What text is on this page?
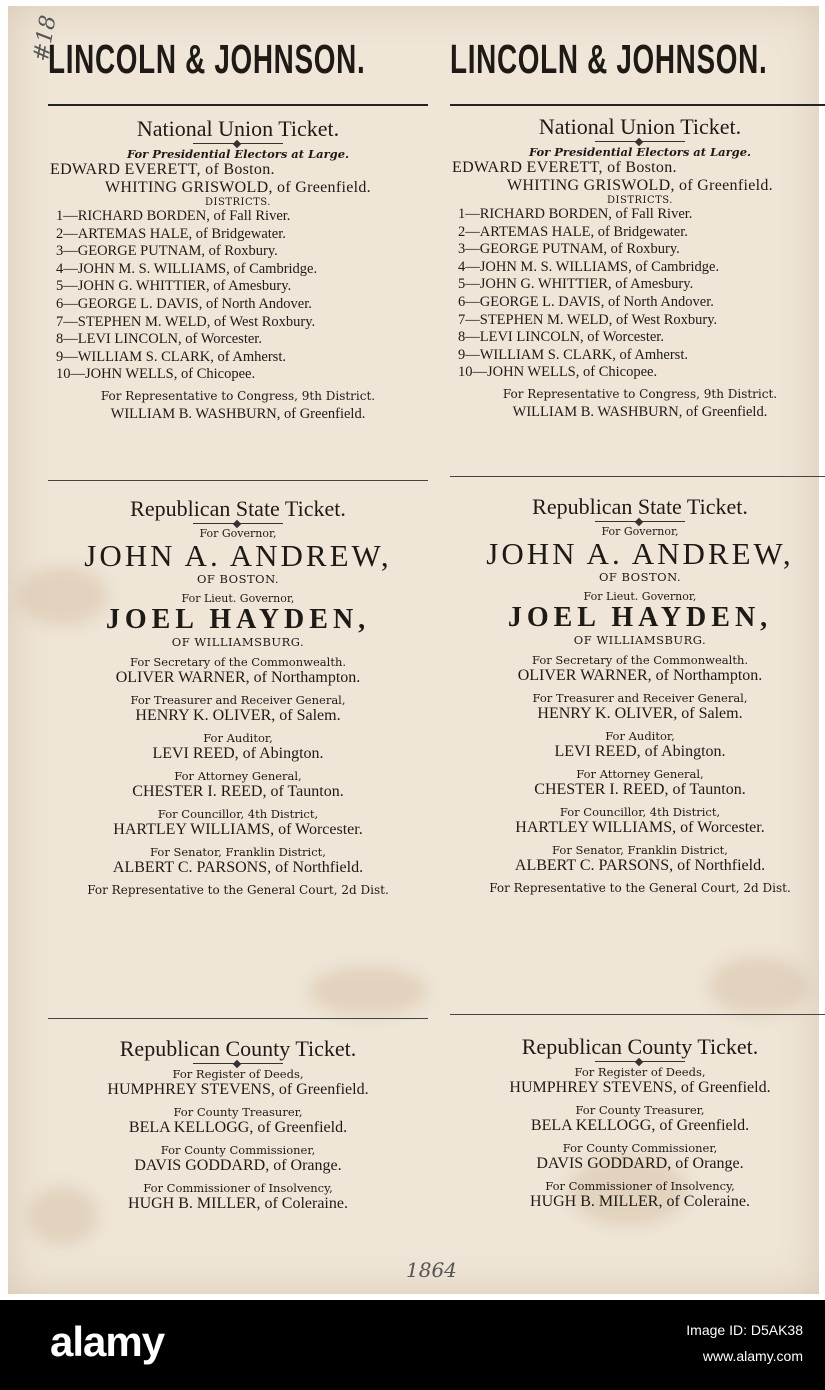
#18
1864
LINCOLN & JOHNSON.
National Union Ticket.
For Presidential Electors at Large.
EDWARD EVERETT, of Boston.
WHITING GRISWOLD, of Greenfield.
DISTRICTS.
1—RICHARD BORDEN, of Fall River.
2—ARTEMAS HALE, of Bridgewater.
3—GEORGE PUTNAM, of Roxbury.
4—JOHN M. S. WILLIAMS, of Cambridge.
5—JOHN G. WHITTIER, of Amesbury.
6—GEORGE L. DAVIS, of North Andover.
7—STEPHEN M. WELD, of West Roxbury.
8—LEVI LINCOLN, of Worcester.
9—WILLIAM S. CLARK, of Amherst.
10—JOHN WELLS, of Chicopee.
For Representative to Congress, 9th District.
WILLIAM B. WASHBURN, of Greenfield.
Republican State Ticket.
For Governor,
JOHN A. ANDREW,
OF BOSTON.
For Lieut. Governor,
JOEL HAYDEN,
OF WILLIAMSBURG.
For Secretary of the Commonwealth.
OLIVER WARNER, of Northampton.
For Treasurer and Receiver General,
HENRY K. OLIVER, of Salem.
For Auditor,
LEVI REED, of Abington.
For Attorney General,
CHESTER I. REED, of Taunton.
For Councillor, 4th District,
HARTLEY WILLIAMS, of Worcester.
For Senator, Franklin District,
ALBERT C. PARSONS, of Northfield.
For Representative to the General Court, 2d Dist.
Republican County Ticket.
For Register of Deeds,
HUMPHREY STEVENS, of Greenfield.
For County Treasurer,
BELA KELLOGG, of Greenfield.
For County Commissioner,
DAVIS GODDARD, of Orange.
For Commissioner of Insolvency,
HUGH B. MILLER, of Coleraine.
LINCOLN & JOHNSON.
National Union Ticket.
For Presidential Electors at Large.
EDWARD EVERETT, of Boston.
WHITING GRISWOLD, of Greenfield.
DISTRICTS.
1—RICHARD BORDEN, of Fall River.
2—ARTEMAS HALE, of Bridgewater.
3—GEORGE PUTNAM, of Roxbury.
4—JOHN M. S. WILLIAMS, of Cambridge.
5—JOHN G. WHITTIER, of Amesbury.
6—GEORGE L. DAVIS, of North Andover.
7—STEPHEN M. WELD, of West Roxbury.
8—LEVI LINCOLN, of Worcester.
9—WILLIAM S. CLARK, of Amherst.
10—JOHN WELLS, of Chicopee.
For Representative to Congress, 9th District.
WILLIAM B. WASHBURN, of Greenfield.
Republican State Ticket.
For Governor,
JOHN A. ANDREW,
OF BOSTON.
For Lieut. Governor,
JOEL HAYDEN,
OF WILLIAMSBURG.
For Secretary of the Commonwealth.
OLIVER WARNER, of Northampton.
For Treasurer and Receiver General,
HENRY K. OLIVER, of Salem.
For Auditor,
LEVI REED, of Abington.
For Attorney General,
CHESTER I. REED, of Taunton.
For Councillor, 4th District,
HARTLEY WILLIAMS, of Worcester.
For Senator, Franklin District,
ALBERT C. PARSONS, of Northfield.
For Representative to the General Court, 2d Dist.
Republican County Ticket.
For Register of Deeds,
HUMPHREY STEVENS, of Greenfield.
For County Treasurer,
BELA KELLOGG, of Greenfield.
For County Commissioner,
DAVIS GODDARD, of Orange.
For Commissioner of Insolvency,
HUGH B. MILLER, of Coleraine.
alamy	Image ID: D5AK38
www.alamy.com
